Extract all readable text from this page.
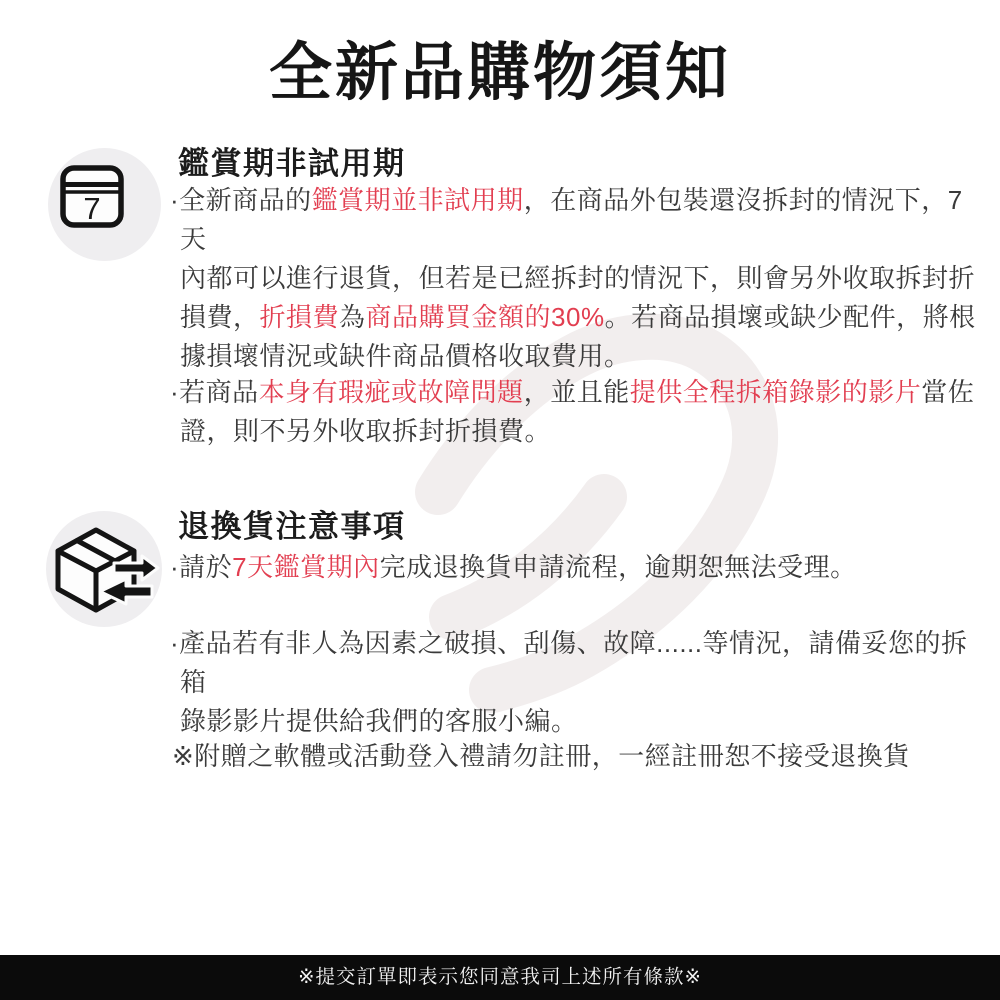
全新品購物須知
7
鑑賞期非試用期

·全新商品的鑑賞期並非試用期，在商品外包裝還沒拆封的情況下，7天
內都可以進行退貨，但若是已經拆封的情況下，則會另外收取拆封折
損費，折損費為商品購買金額的30%。若商品損壞或缺少配件，將根
據損壞情況或缺件商品價格收取費用。

·若商品本身有瑕疵或故障問題，並且能提供全程拆箱錄影的影片當佐
證，則不另外收取拆封折損費。

退換貨注意事項

·請於7天鑑賞期內完成退換貨申請流程，逾期恕無法受理。

·產品若有非人為因素之破損、刮傷、故障......等情況，請備妥您的拆箱
錄影影片提供給我們的客服小編。

※附贈之軟體或活動登入禮請勿註冊，一經註冊恕不接受退換貨

※提交訂單即表示您同意我司上述所有條款※
